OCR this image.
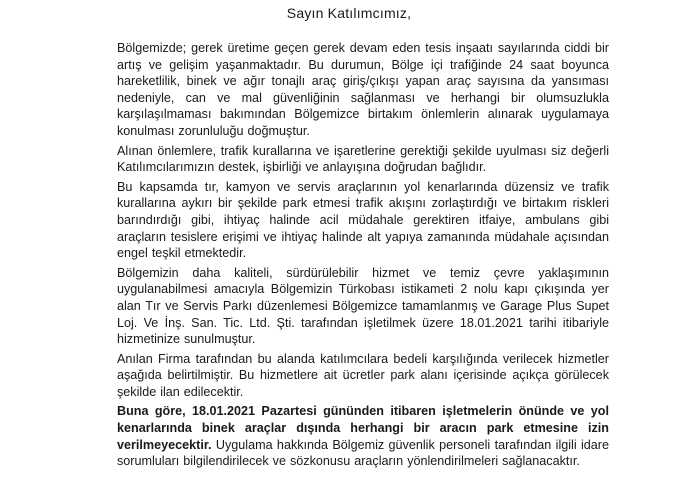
Sayın Katılımcımız,

Bölgemizde; gerek üretime geçen gerek devam eden tesis inşaatı sayılarında ciddi bir artış ve gelişim yaşanmaktadır. Bu durumun, Bölge içi trafiğinde 24 saat boyunca hareketlilik, binek ve ağır tonajlı araç giriş/çıkışı yapan araç sayısına da yansıması nedeniyle, can ve mal güvenliğinin sağlanması ve herhangi bir olumsuzlukla karşılaşılmaması bakımından Bölgemizce birtakım önlemlerin alınarak uygulamaya konulması zorunluluğu doğmuştur.

Alınan önlemlere, trafik kurallarına ve işaretlerine gerektiği şekilde uyulması siz değerli Katılımcılarımızın destek, işbirliği ve anlayışına doğrudan bağlıdır.

Bu kapsamda tır, kamyon ve servis araçlarının yol kenarlarında düzensiz ve trafik kurallarına aykırı bir şekilde park etmesi trafik akışını zorlaştırdığı ve birtakım riskleri barındırdığı gibi, ihtiyaç halinde acil müdahale gerektiren itfaiye, ambulans gibi araçların tesislere erişimi ve ihtiyaç halinde alt yapıya zamanında müdahale açısından engel teşkil etmektedir.

Bölgemizin daha kaliteli, sürdürülebilir hizmet ve temiz çevre yaklaşımının uygulanabilmesi amacıyla Bölgemizin Türkobası istikameti 2 nolu kapı çıkışında yer alan Tır ve Servis Parkı düzenlemesi Bölgemizce tamamlanmış ve Garage Plus Supet Loj. Ve İnş. San. Tic. Ltd. Şti. tarafından işletilmek üzere 18.01.2021 tarihi itibariyle hizmetinize sunulmuştur.

Anılan Firma tarafından bu alanda katılımcılara bedeli karşılığında verilecek hizmetler aşağıda belirtilmiştir. Bu hizmetlere ait ücretler park alanı içerisinde açıkça görülecek şekilde ilan edilecektir.

Buna göre, 18.01.2021 Pazartesi gününden itibaren işletmelerin önünde ve yol kenarlarında binek araçlar dışında herhangi bir aracın park etmesine izin verilmeyecektir. Uygulama hakkında Bölgemiz güvenlik personeli tarafından ilgili idare sorumluları bilgilendirilecek ve sözkonusu araçların yönlendirilmeleri sağlanacaktır.
